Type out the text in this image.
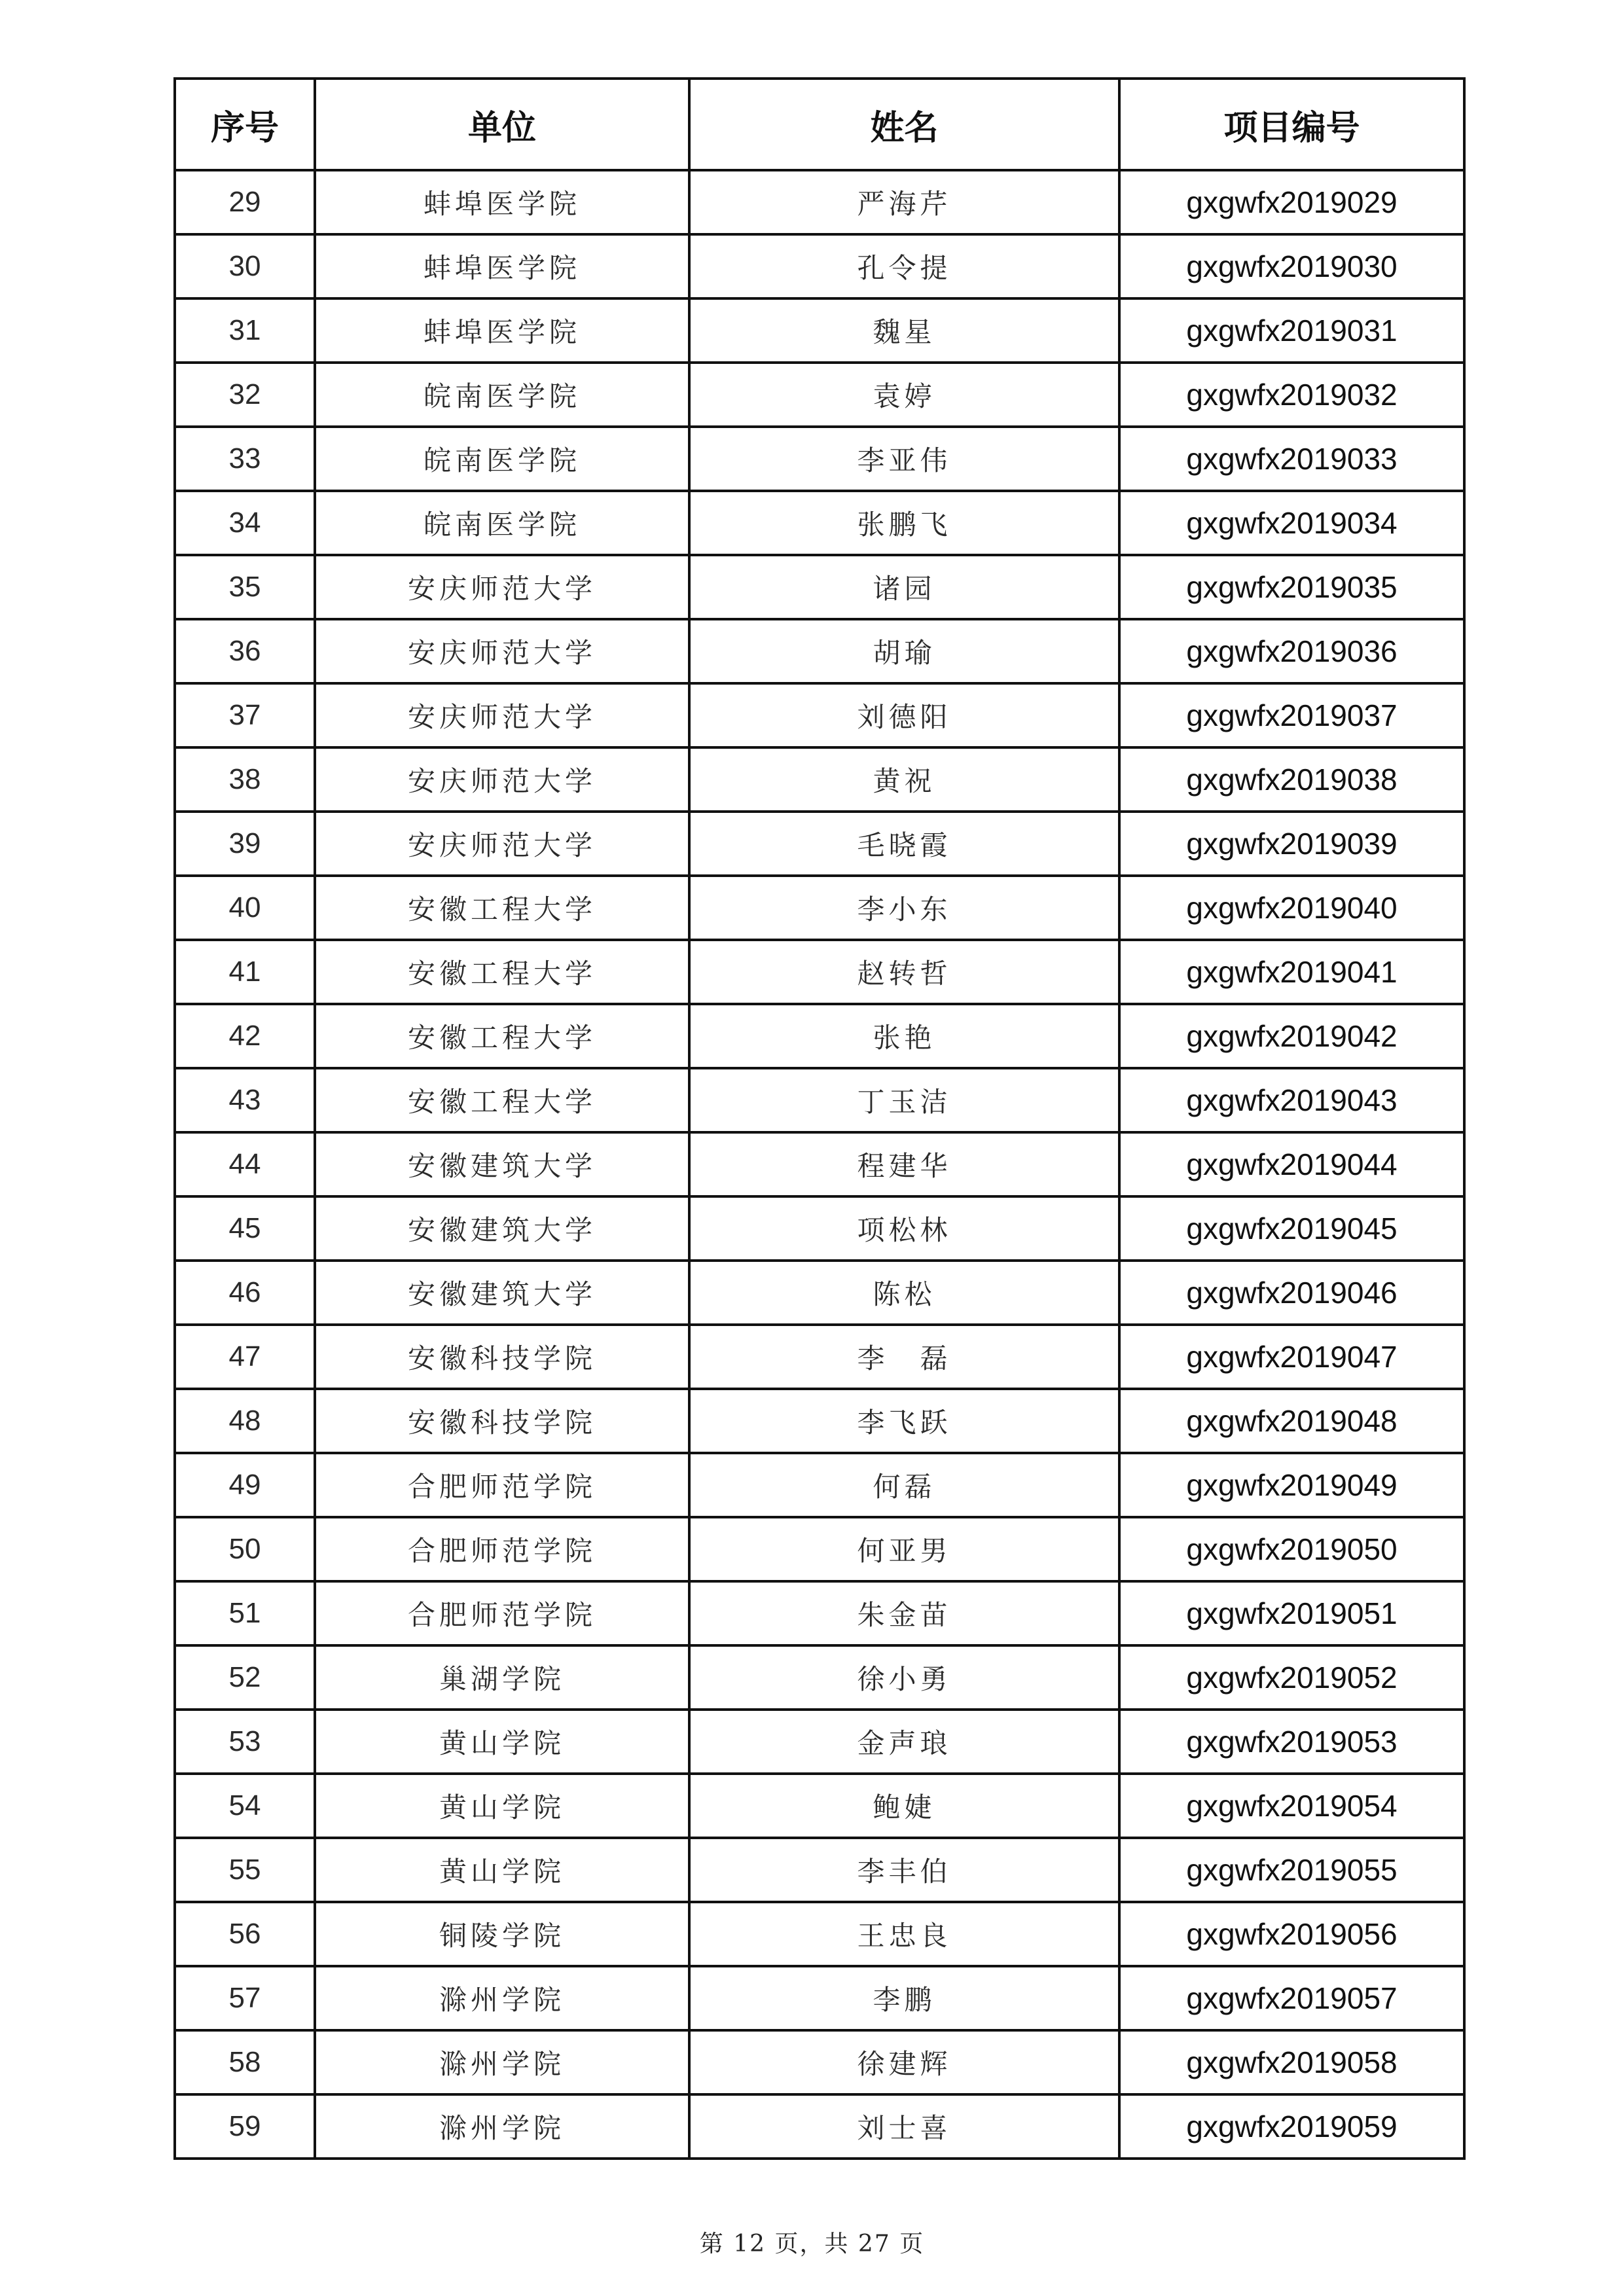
序号	单位	姓名	项目编号
29	蚌埠医学院	严海芹	gxgwfx2019029
30	蚌埠医学院	孔令提	gxgwfx2019030
31	蚌埠医学院	魏星	gxgwfx2019031
32	皖南医学院	袁婷	gxgwfx2019032
33	皖南医学院	李亚伟	gxgwfx2019033
34	皖南医学院	张鹏飞	gxgwfx2019034
35	安庆师范大学	诸园	gxgwfx2019035
36	安庆师范大学	胡瑜	gxgwfx2019036
37	安庆师范大学	刘德阳	gxgwfx2019037
38	安庆师范大学	黄祝	gxgwfx2019038
39	安庆师范大学	毛晓霞	gxgwfx2019039
40	安徽工程大学	李小东	gxgwfx2019040
41	安徽工程大学	赵转哲	gxgwfx2019041
42	安徽工程大学	张艳	gxgwfx2019042
43	安徽工程大学	丁玉洁	gxgwfx2019043
44	安徽建筑大学	程建华	gxgwfx2019044
45	安徽建筑大学	项松林	gxgwfx2019045
46	安徽建筑大学	陈松	gxgwfx2019046
47	安徽科技学院	李　磊	gxgwfx2019047
48	安徽科技学院	李飞跃	gxgwfx2019048
49	合肥师范学院	何磊	gxgwfx2019049
50	合肥师范学院	何亚男	gxgwfx2019050
51	合肥师范学院	朱金苗	gxgwfx2019051
52	巢湖学院	徐小勇	gxgwfx2019052
53	黄山学院	金声琅	gxgwfx2019053
54	黄山学院	鲍婕	gxgwfx2019054
55	黄山学院	李丰伯	gxgwfx2019055
56	铜陵学院	王忠良	gxgwfx2019056
57	滁州学院	李鹏	gxgwfx2019057
58	滁州学院	徐建辉	gxgwfx2019058
59	滁州学院	刘士喜	gxgwfx2019059
第 12 页，共 27 页
